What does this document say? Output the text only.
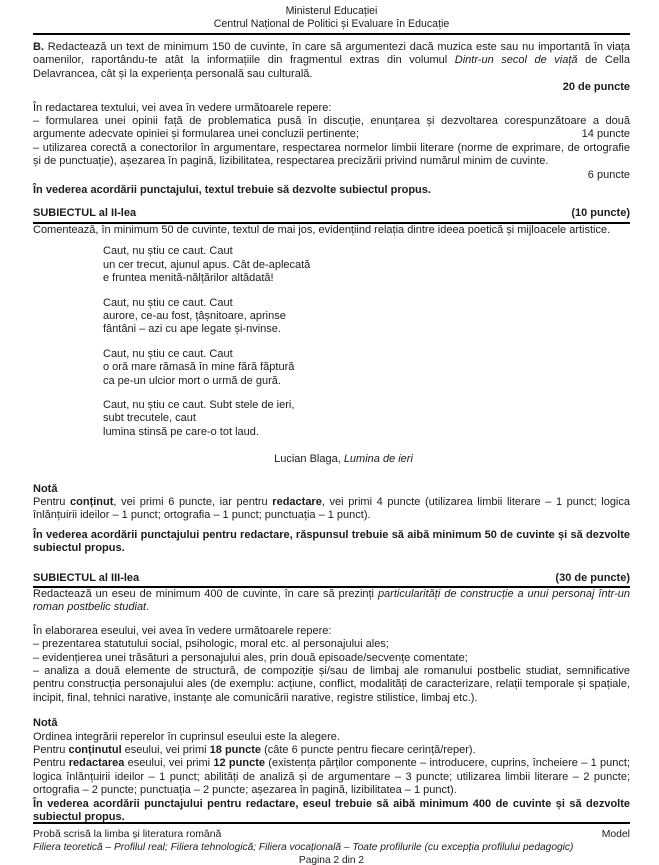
Ministerul Educației
Centrul Național de Politici și Evaluare în Educație

B. Redactează un text de minimum 150 de cuvinte, în care să argumentezi dacă muzica este sau nu importantă în viața oamenilor, raportându-te atât la informațiile din fragmentul extras din volumul Dintr-un secol de viață de Cella Delavrancea, cât și la experiența personală sau culturală.

20 de puncte

În redactarea textului, vei avea în vedere următoarele repere:

– formularea unei opinii față de problematica pusă în discuție, enunțarea și dezvoltarea corespunzătoare a două argumente adecvate opiniei și formularea unei concluzii pertinente;	14 puncte

– utilizarea corectă a conectorilor în argumentare, respectarea normelor limbii literare (norme de exprimare, de ortografie și de punctuație), așezarea în pagină, lizibilitatea, respectarea precizării privind numărul minim de cuvinte.

6 puncte

În vederea acordării punctajului, textul trebuie să dezvolte subiectul propus.

SUBIECTUL al II-lea	(10 puncte)

Comentează, în minimum 50 de cuvinte, textul de mai jos, evidențiind relația dintre ideea poetică și mijloacele artistice.

Caut, nu știu ce caut. Caut
un cer trecut, ajunul apus. Cât de-aplecată
e fruntea menită-nălțărilor altădată!
Caut, nu știu ce caut. Caut
aurore, ce-au fost, țâșnitoare, aprinse
fântâni – azi cu ape legate și-nvinse.
Caut, nu știu ce caut. Caut
o oră mare rămasă în mine fără făptură
ca pe-un ulcior mort o urmă de gură.
Caut, nu știu ce caut. Subt stele de ieri,
subt trecutele, caut
lumina stinsă pe care-o tot laud.

Lucian Blaga, Lumina de ieri

Notă

Pentru conținut, vei primi 6 puncte, iar pentru redactare, vei primi 4 puncte (utilizarea limbii literare – 1 punct; logica înlănțuirii ideilor – 1 punct; ortografia – 1 punct; punctuația – 1 punct).

În vederea acordării punctajului pentru redactare, răspunsul trebuie să aibă minimum 50 de cuvinte și să dezvolte subiectul propus.

SUBIECTUL al III-lea	(30 de puncte)

Redactează un eseu de minimum 400 de cuvinte, în care să prezinți particularități de construcție a unui personaj într-un roman postbelic studiat.

În elaborarea eseului, vei avea în vedere următoarele repere:

– prezentarea statutului social, psihologic, moral etc. al personajului ales;

– evidențierea unei trăsături a personajului ales, prin două episoade/secvențe comentate;

– analiza a două elemente de structură, de compoziție și/sau de limbaj ale romanului postbelic studiat, semnificative pentru construcția personajului ales (de exemplu: acțiune, conflict, modalități de caracterizare, relații temporale și spațiale, incipit, final, tehnici narative, instanțe ale comunicării narative, registre stilistice, limbaj etc.).

Notă

Ordinea integrării reperelor în cuprinsul eseului este la alegere.

Pentru conținutul eseului, vei primi 18 puncte (câte 6 puncte pentru fiecare cerință/reper).

Pentru redactarea eseului, vei primi 12 puncte (existența părților componente – introducere, cuprins, încheiere – 1 punct; logica înlănțuirii ideilor – 1 punct; abilități de analiză și de argumentare – 3 puncte; utilizarea limbii literare – 2 puncte; ortografia – 2 puncte; punctuația – 2 puncte; așezarea în pagină, lizibilitatea – 1 punct).

În vederea acordării punctajului pentru redactare, eseul trebuie să aibă minimum 400 de cuvinte și să dezvolte subiectul propus.

Probă scrisă la limba și literatura română	Model
Filiera teoretică – Profilul real; Filiera tehnologică; Filiera vocațională – Toate profilurile (cu excepția profilului pedagogic)
Pagina 2 din 2
